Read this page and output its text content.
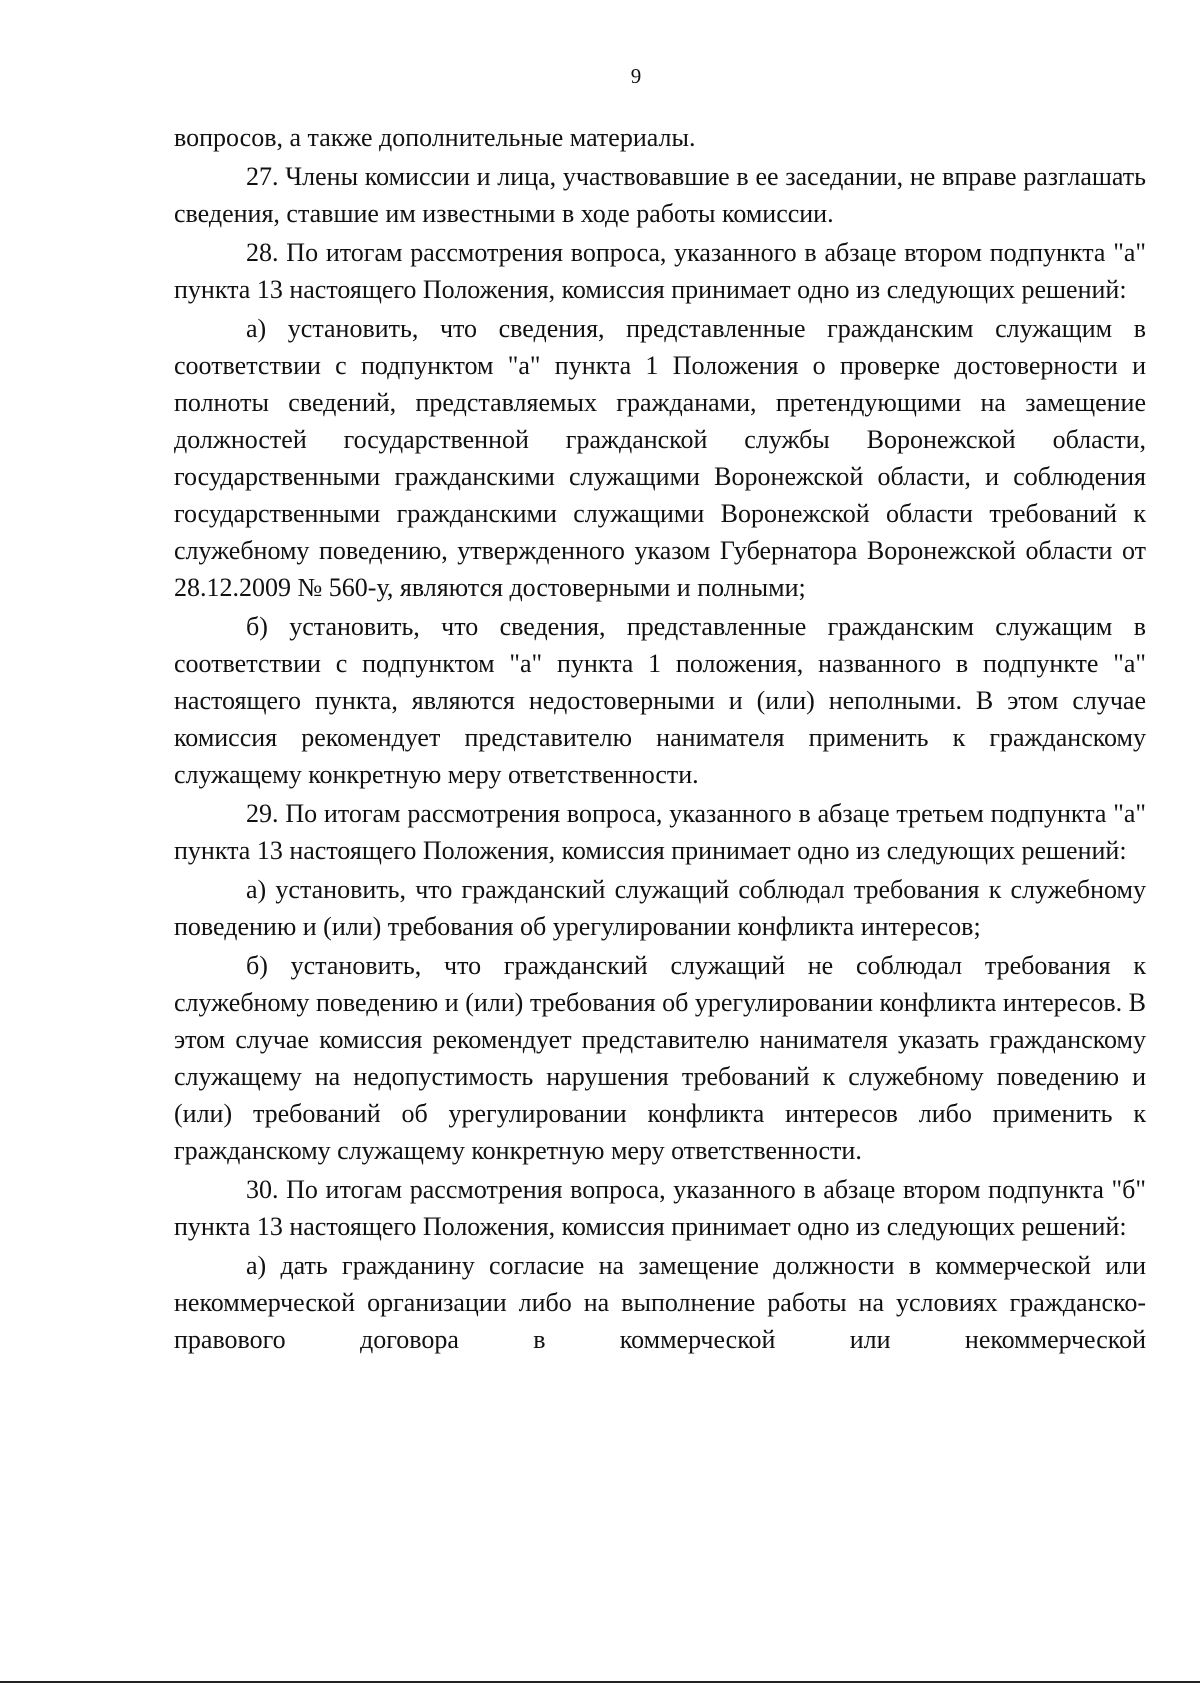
9

вопросов, а также дополнительные материалы.

27. Члены комиссии и лица, участвовавшие в ее заседании, не вправе разглашать сведения, ставшие им известными в ходе работы комиссии.

28. По итогам рассмотрения вопроса, указанного в абзаце втором подпункта "а" пункта 13 настоящего Положения, комиссия принимает одно из следующих решений:

а) установить, что сведения, представленные гражданским служащим в соответствии с подпунктом "а" пункта 1 Положения о проверке достоверности и полноты сведений, представляемых гражданами, претендующими на замещение должностей государственной гражданской службы Воронежской области, государственными гражданскими служащими Воронежской области, и соблюдения государственными гражданскими служащими Воронежской области требований к служебному поведению, утвержденного указом Губернатора Воронежской области от 28.12.2009 № 560-у, являются достоверными и полными;

б) установить, что сведения, представленные гражданским служащим в соответствии с подпунктом "а" пункта 1 положения, названного в подпункте "а" настоящего пункта, являются недостоверными и (или) неполными. В этом случае комиссия рекомендует представителю нанимателя применить к гражданскому служащему конкретную меру ответственности.

29. По итогам рассмотрения вопроса, указанного в абзаце третьем подпункта "а" пункта 13 настоящего Положения, комиссия принимает одно из следующих решений:

а) установить, что гражданский служащий соблюдал требования к служебному поведению и (или) требования об урегулировании конфликта интересов;

б) установить, что гражданский служащий не соблюдал требования к служебному поведению и (или) требования об урегулировании конфликта интересов. В этом случае комиссия рекомендует представителю нанимателя указать гражданскому служащему на недопустимость нарушения требований к служебному поведению и (или) требований об урегулировании конфликта интересов либо применить к гражданскому служащему конкретную меру ответственности.

30. По итогам рассмотрения вопроса, указанного в абзаце втором подпункта "б" пункта 13 настоящего Положения, комиссия принимает одно из следующих решений:

а) дать гражданину согласие на замещение должности в коммерческой или некоммерческой организации либо на выполнение работы на условиях гражданско-правового договора в коммерческой или некоммерческой
